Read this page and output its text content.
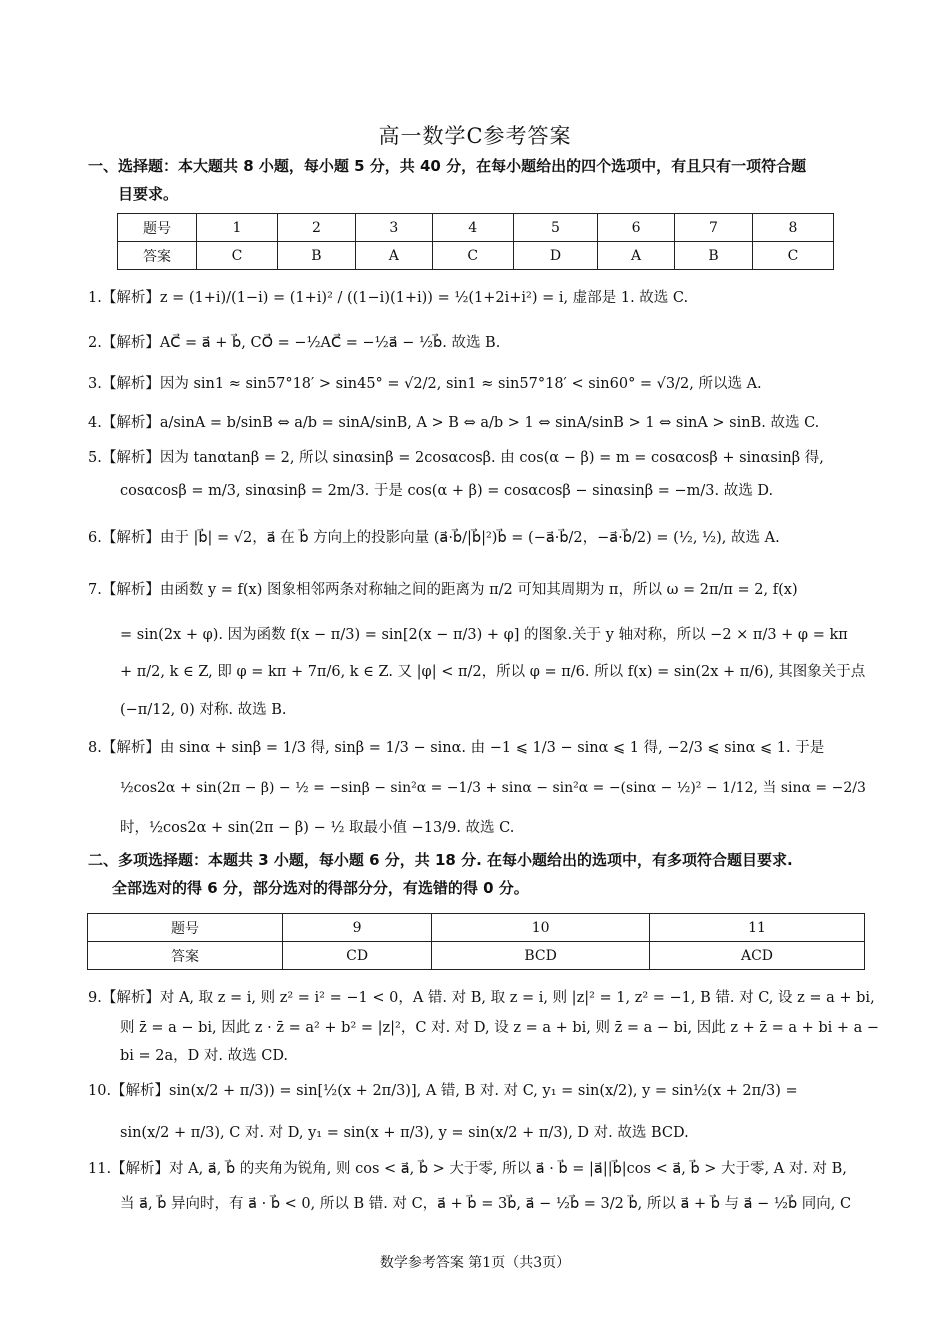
高一数学C参考答案
一、选择题：本大题共 8 小题，每小题 5 分，共 40 分，在每小题给出的四个选项中，有且只有一项符合题
目要求。
题号	1	2	3	4	5	6	7	8
答案	C	B	A	C	D	A	B	C
1.【解析】z = (1+i)/(1−i) = (1+i)² / ((1−i)(1+i)) = ½(1+2i+i²) = i, 虚部是 1. 故选 C.
2.【解析】AC⃗ = a⃗ + b⃗, CO⃗ = −½AC⃗ = −½a⃗ − ½b⃗. 故选 B.
3.【解析】因为 sin1 ≈ sin57°18′ > sin45° = √2/2, sin1 ≈ sin57°18′ < sin60° = √3/2, 所以选 A.
4.【解析】a/sinA = b/sinB ⇔ a/b = sinA/sinB, A > B ⇔ a/b > 1 ⇔ sinA/sinB > 1 ⇔ sinA > sinB. 故选 C.
5.【解析】因为 tanαtanβ = 2, 所以 sinαsinβ = 2cosαcosβ. 由 cos(α − β) = m = cosαcosβ + sinαsinβ 得,
cosαcosβ = m/3, sinαsinβ = 2m/3. 于是 cos(α + β) = cosαcosβ − sinαsinβ = −m/3. 故选 D.
6.【解析】由于 |b⃗| = √2，a⃗ 在 b⃗ 方向上的投影向量 (a⃗·b⃗/|b⃗|²)b⃗ = (−a⃗·b⃗/2，−a⃗·b⃗/2) = (½, ½), 故选 A.
7.【解析】由函数 y = f(x) 图象相邻两条对称轴之间的距离为 π/2 可知其周期为 π，所以 ω = 2π/π = 2, f(x)
= sin(2x + φ). 因为函数 f(x − π/3) = sin[2(x − π/3) + φ] 的图象.关于 y 轴对称，所以 −2 × π/3 + φ = kπ
+ π/2, k ∈ Z, 即 φ = kπ + 7π/6, k ∈ Z. 又 |φ| < π/2，所以 φ = π/6. 所以 f(x) = sin(2x + π/6), 其图象关于点
(−π/12, 0) 对称. 故选 B.
8.【解析】由 sinα + sinβ = 1/3 得, sinβ = 1/3 − sinα. 由 −1 ⩽ 1/3 − sinα ⩽ 1 得, −2/3 ⩽ sinα ⩽ 1. 于是
½cos2α + sin(2π − β) − ½ = −sinβ − sin²α = −1/3 + sinα − sin²α = −(sinα − ½)² − 1/12, 当 sinα = −2/3
时，½cos2α + sin(2π − β) − ½ 取最小值 −13/9. 故选 C.
二、多项选择题：本题共 3 小题，每小题 6 分，共 18 分. 在每小题给出的选项中，有多项符合题目要求.
全部选对的得 6 分，部分选对的得部分分，有选错的得 0 分。
题号	9	10	11
答案	CD	BCD	ACD
9.【解析】对 A, 取 z = i, 则 z² = i² = −1 < 0，A 错. 对 B, 取 z = i, 则 |z|² = 1, z² = −1, B 错. 对 C, 设 z = a + bi,
则 z̄ = a − bi, 因此 z · z̄ = a² + b² = |z|²，C 对. 对 D, 设 z = a + bi, 则 z̄ = a − bi, 因此 z + z̄ = a + bi + a −
bi = 2a，D 对. 故选 CD.
10.【解析】sin(x/2 + π/3)) = sin[½(x + 2π/3)], A 错, B 对. 对 C, y₁ = sin(x/2), y = sin½(x + 2π/3) =
sin(x/2 + π/3), C 对. 对 D, y₁ = sin(x + π/3), y = sin(x/2 + π/3), D 对. 故选 BCD.
11.【解析】对 A, a⃗, b⃗ 的夹角为锐角, 则 cos < a⃗, b⃗ > 大于零, 所以 a⃗ · b⃗ = |a⃗||b⃗|cos < a⃗, b⃗ > 大于零, A 对. 对 B,
当 a⃗, b⃗ 异向时，有 a⃗ · b⃗ < 0, 所以 B 错. 对 C，a⃗ + b⃗ = 3b⃗, a⃗ − ½b⃗ = 3/2 b⃗, 所以 a⃗ + b⃗ 与 a⃗ − ½b⃗ 同向, C
数学参考答案 第1页（共3页）
